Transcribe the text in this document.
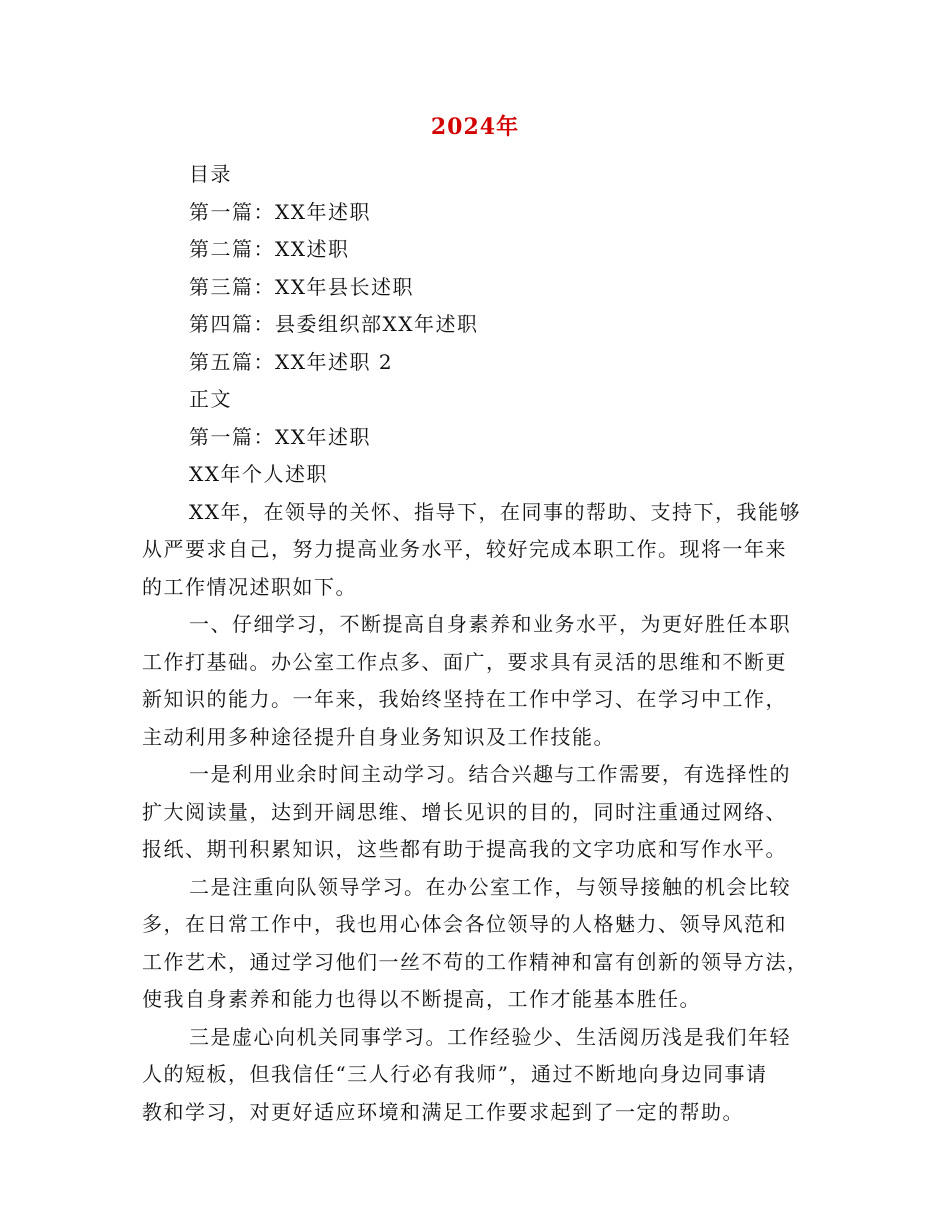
2024年

目录

第一篇：XX年述职

第二篇：XX述职

第三篇：XX年县长述职

第四篇：县委组织部XX年述职

第五篇：XX年述职 2

正文

第一篇：XX年述职

XX年个人述职

XX年，在领导的关怀、指导下，在同事的帮助、支持下，我能够
从严要求自己，努力提高业务水平，较好完成本职工作。现将一年来
的工作情况述职如下。

一、仔细学习，不断提高自身素养和业务水平，为更好胜任本职
工作打基础。办公室工作点多、面广，要求具有灵活的思维和不断更
新知识的能力。一年来，我始终坚持在工作中学习、在学习中工作，
主动利用多种途径提升自身业务知识及工作技能。

一是利用业余时间主动学习。结合兴趣与工作需要，有选择性的
扩大阅读量，达到开阔思维、增长见识的目的，同时注重通过网络、
报纸、期刊积累知识，这些都有助于提高我的文字功底和写作水平。

二是注重向队领导学习。在办公室工作，与领导接触的机会比较
多，在日常工作中，我也用心体会各位领导的人格魅力、领导风范和
工作艺术，通过学习他们一丝不苟的工作精神和富有创新的领导方法，
使我自身素养和能力也得以不断提高，工作才能基本胜任。

三是虚心向机关同事学习。工作经验少、生活阅历浅是我们年轻
人的短板，但我信任“三人行必有我师”，通过不断地向身边同事请
教和学习，对更好适应环境和满足工作要求起到了一定的帮助。
